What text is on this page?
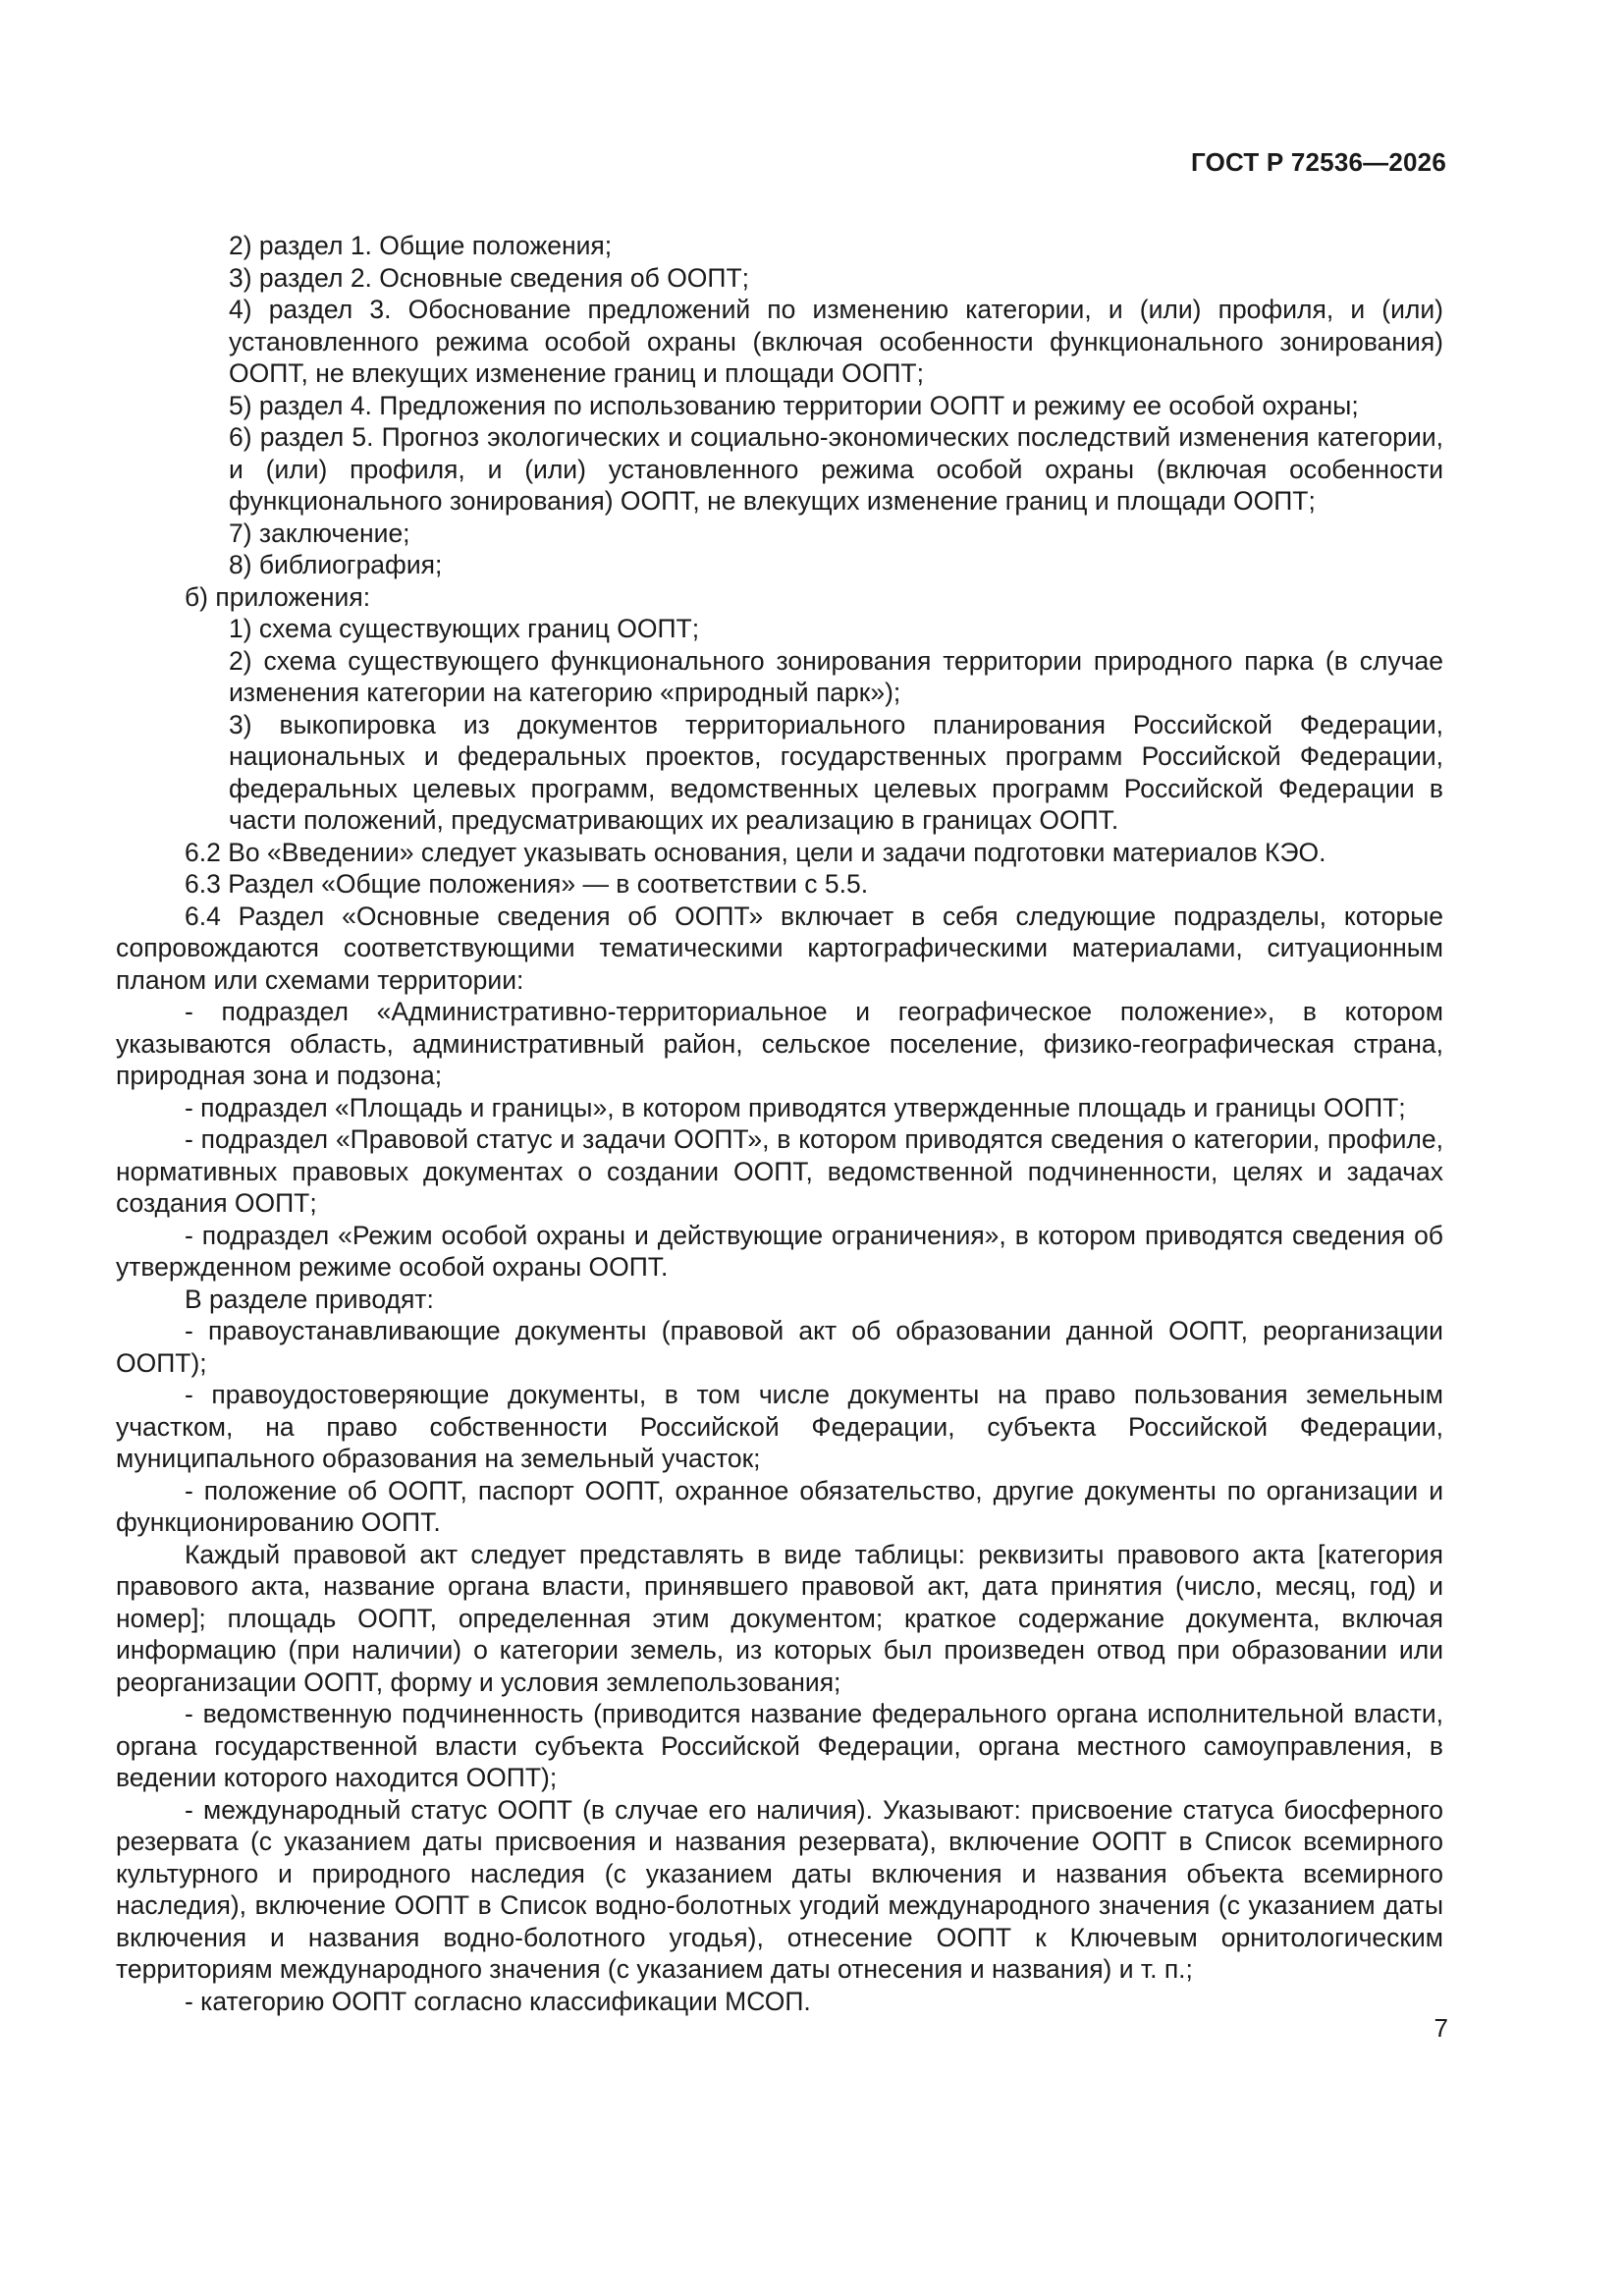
ГОСТ Р 72536—2026

2) раздел 1. Общие положения;

3) раздел 2. Основные сведения об ООПТ;

4) раздел 3. Обоснование предложений по изменению категории, и (или) профиля, и (или) установленного режима особой охраны (включая особенности функционального зонирования) ООПТ, не влекущих изменение границ и площади ООПТ;

5) раздел 4. Предложения по использованию территории ООПТ и режиму ее особой охраны;

6) раздел 5. Прогноз экологических и социально-экономических последствий изменения категории, и (или) профиля, и (или) установленного режима особой охраны (включая особенности функционального зонирования) ООПТ, не влекущих изменение границ и площади ООПТ;

7) заключение;

8) библиография;

б) приложения:

1) схема существующих границ ООПТ;

2) схема существующего функционального зонирования территории природного парка (в случае изменения категории на категорию «природный парк»);

3) выкопировка из документов территориального планирования Российской Федерации, национальных и федеральных проектов, государственных программ Российской Федерации, федеральных целевых программ, ведомственных целевых программ Российской Федерации в части положений, предусматривающих их реализацию в границах ООПТ.

6.2 Во «Введении» следует указывать основания, цели и задачи подготовки материалов КЭО.

6.3 Раздел «Общие положения» — в соответствии с 5.5.

6.4 Раздел «Основные сведения об ООПТ» включает в себя следующие подразделы, которые сопровождаются соответствующими тематическими картографическими материалами, ситуационным планом или схемами территории:

- подраздел «Административно-территориальное и географическое положение», в котором указываются область, административный район, сельское поселение, физико-географическая страна, природная зона и подзона;

- подраздел «Площадь и границы», в котором приводятся утвержденные площадь и границы ООПТ;

- подраздел «Правовой статус и задачи ООПТ», в котором приводятся сведения о категории, профиле, нормативных правовых документах о создании ООПТ, ведомственной подчиненности, целях и задачах создания ООПТ;

- подраздел «Режим особой охраны и действующие ограничения», в котором приводятся сведения об утвержденном режиме особой охраны ООПТ.

В разделе приводят:

- правоустанавливающие документы (правовой акт об образовании данной ООПТ, реорганизации ООПТ);

- правоудостоверяющие документы, в том числе документы на право пользования земельным участком, на право собственности Российской Федерации, субъекта Российской Федерации, муниципального образования на земельный участок;

- положение об ООПТ, паспорт ООПТ, охранное обязательство, другие документы по организации и функционированию ООПТ.

Каждый правовой акт следует представлять в виде таблицы: реквизиты правового акта [категория правового акта, название органа власти, принявшего правовой акт, дата принятия (число, месяц, год) и номер]; площадь ООПТ, определенная этим документом; краткое содержание документа, включая информацию (при наличии) о категории земель, из которых был произведен отвод при образовании или реорганизации ООПТ, форму и условия землепользования;

- ведомственную подчиненность (приводится название федерального органа исполнительной власти, органа государственной власти субъекта Российской Федерации, органа местного самоуправления, в ведении которого находится ООПТ);

- международный статус ООПТ (в случае его наличия). Указывают: присвоение статуса биосферного резервата (с указанием даты присвоения и названия резервата), включение ООПТ в Список всемирного культурного и природного наследия (с указанием даты включения и названия объекта всемирного наследия), включение ООПТ в Список водно-болотных угодий международного значения (с указанием даты включения и названия водно-болотного угодья), отнесение ООПТ к Ключевым орнитологическим территориям международного значения (с указанием даты отнесения и названия) и т. п.;

- категорию ООПТ согласно классификации МСОП.

7
